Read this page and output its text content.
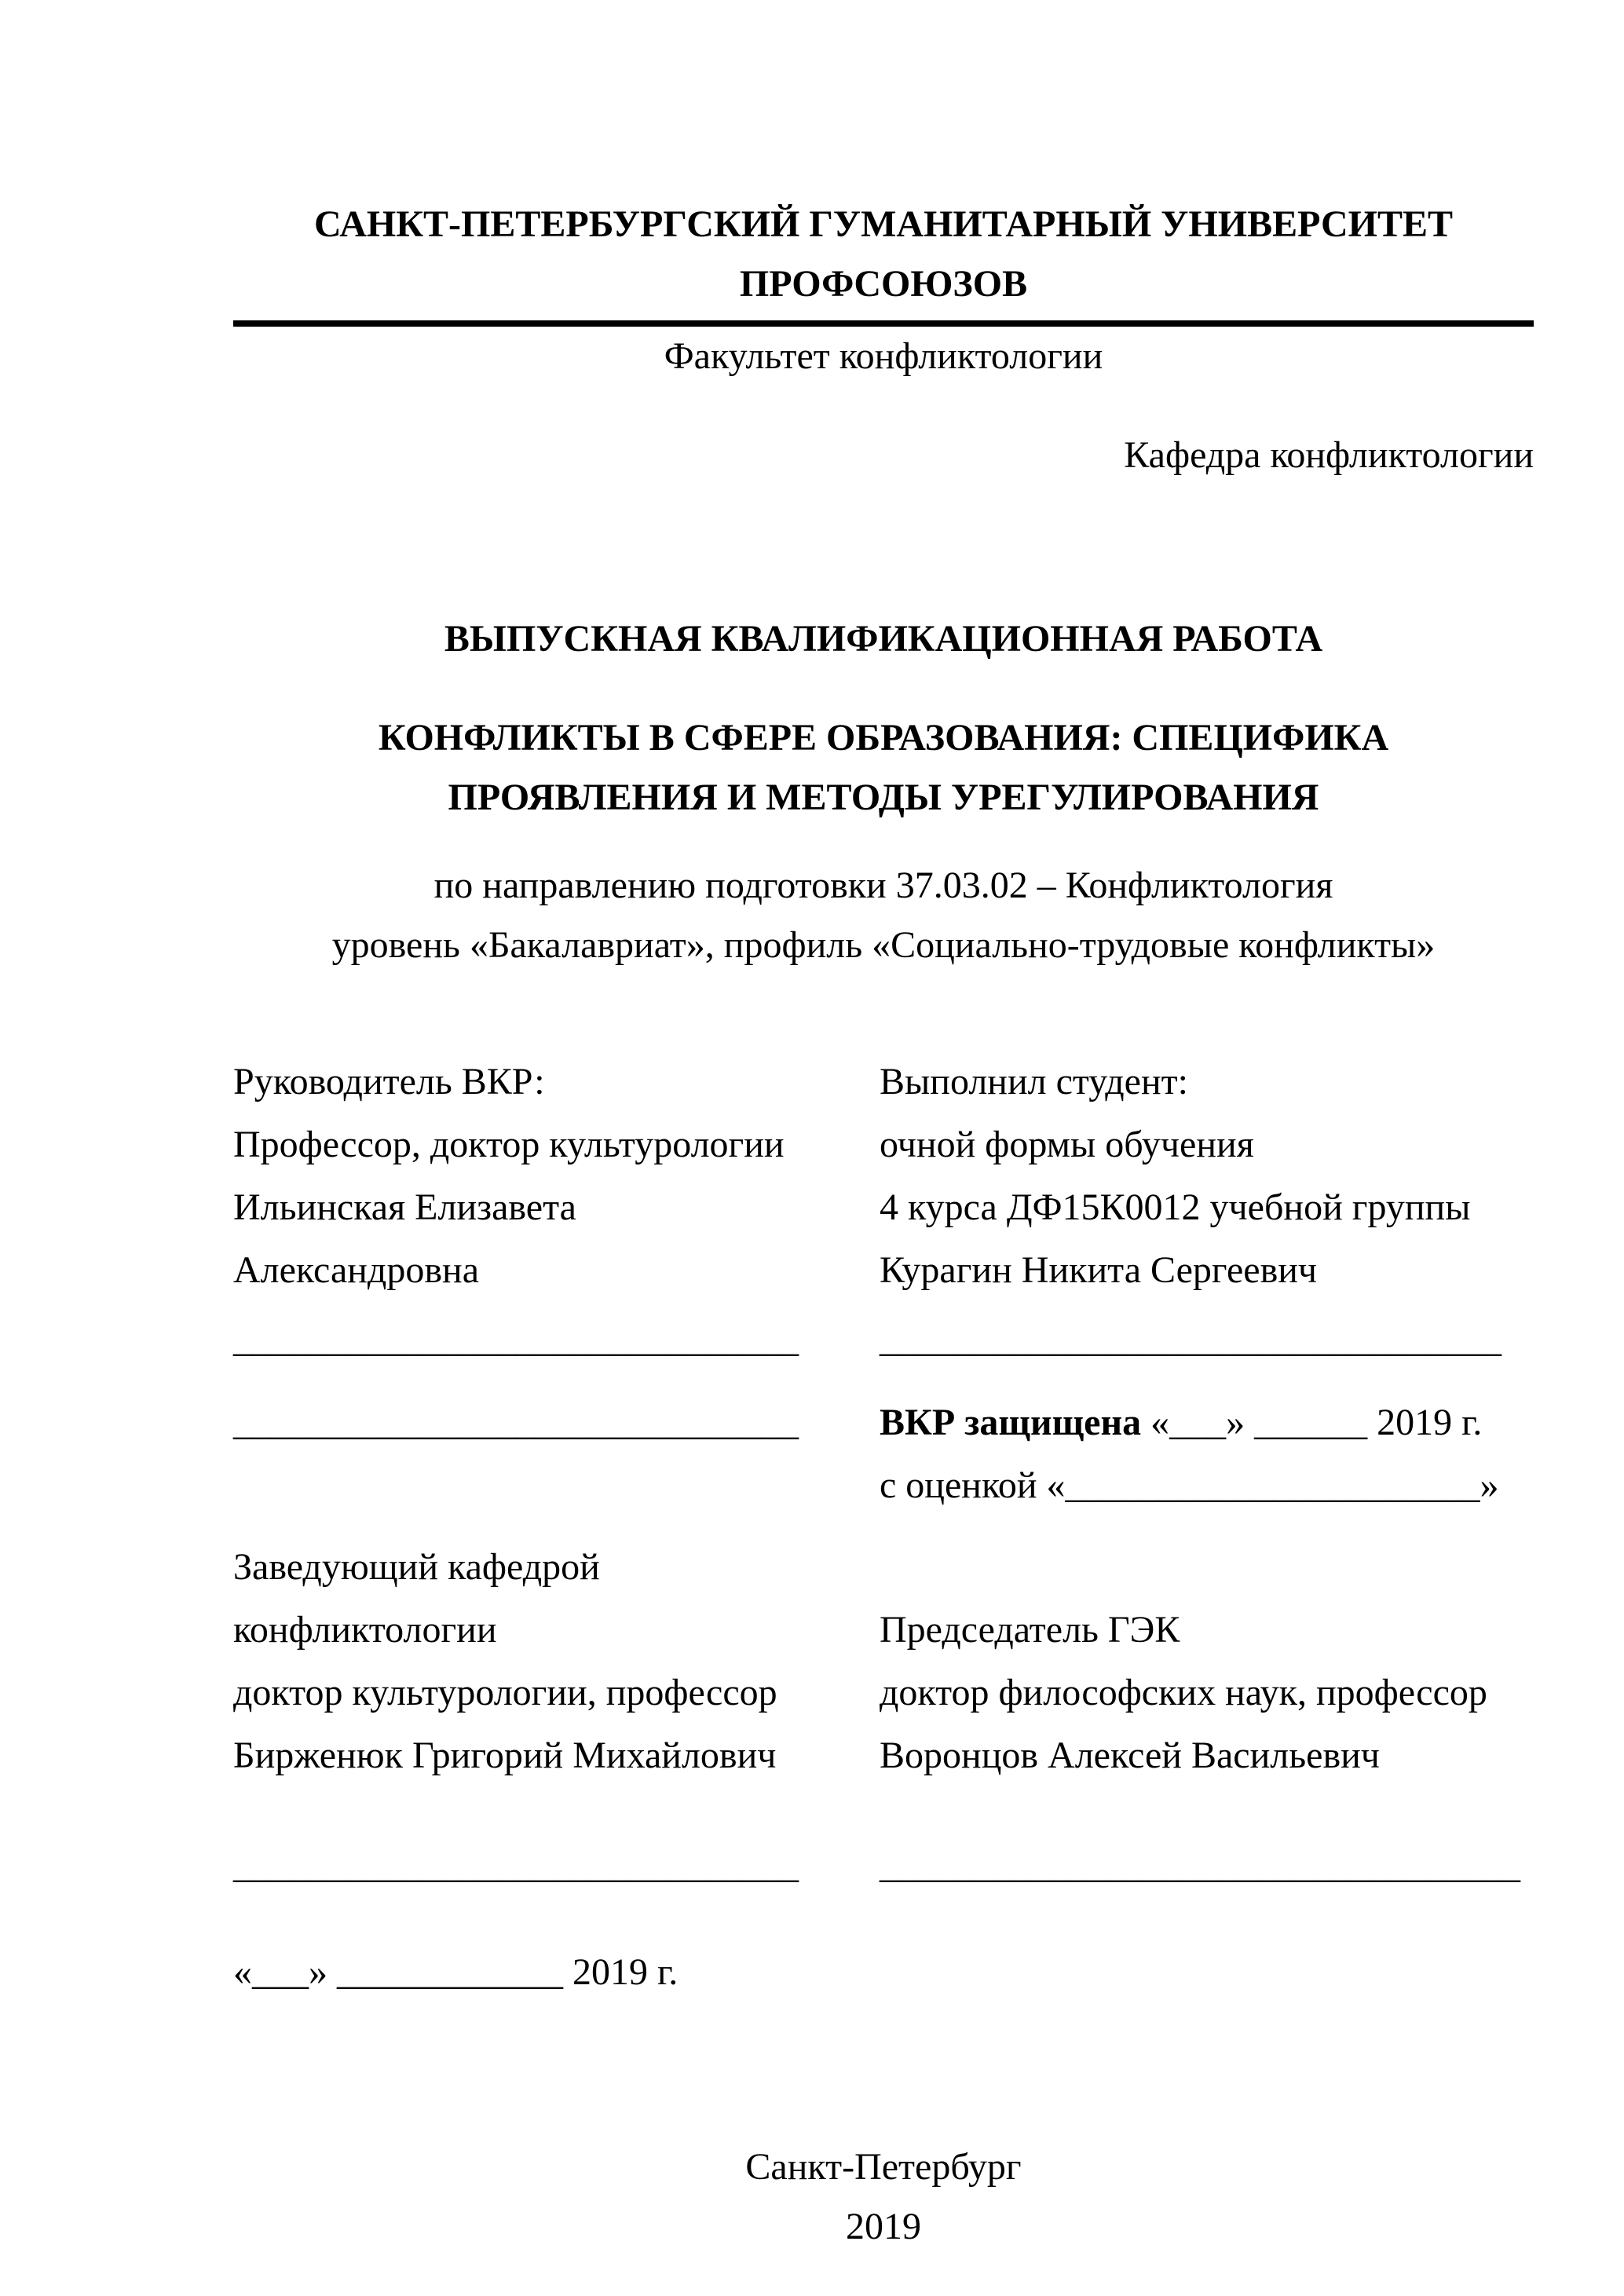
САНКТ-ПЕТЕРБУРГСКИЙ ГУМАНИТАРНЫЙ УНИВЕРСИТЕТ
ПРОФСОЮЗОВ
Факультет конфликтологии
Кафедра конфликтологии
ВЫПУСКНАЯ КВАЛИФИКАЦИОННАЯ РАБОТА
КОНФЛИКТЫ В СФЕРЕ ОБРАЗОВАНИЯ: СПЕЦИФИКА
ПРОЯВЛЕНИЯ И МЕТОДЫ УРЕГУЛИРОВАНИЯ
по направлению подготовки 37.03.02 – Конфликтология
уровень «Бакалавриат», профиль «Социально-трудовые конфликты»
Руководитель ВКР:
Профессор, доктор культурологии
Ильинская Елизавета
Александровна
Выполнил студент:
очной формы обучения
4 курса ДФ15К0012 учебной группы
Курагин Никита Сергеевич
______________________________	_________________________________
______________________________	ВКР защищена «___» ______ 2019 г.
с оценкой «______________________»
Заведующий кафедрой
конфликтологии
доктор культурологии, профессор
Бирженюк Григорий Михайлович
Председатель ГЭК
доктор философских наук, профессор
Воронцов Алексей Васильевич
______________________________	__________________________________
«___» ____________ 2019 г.
Санкт-Петербург
2019
